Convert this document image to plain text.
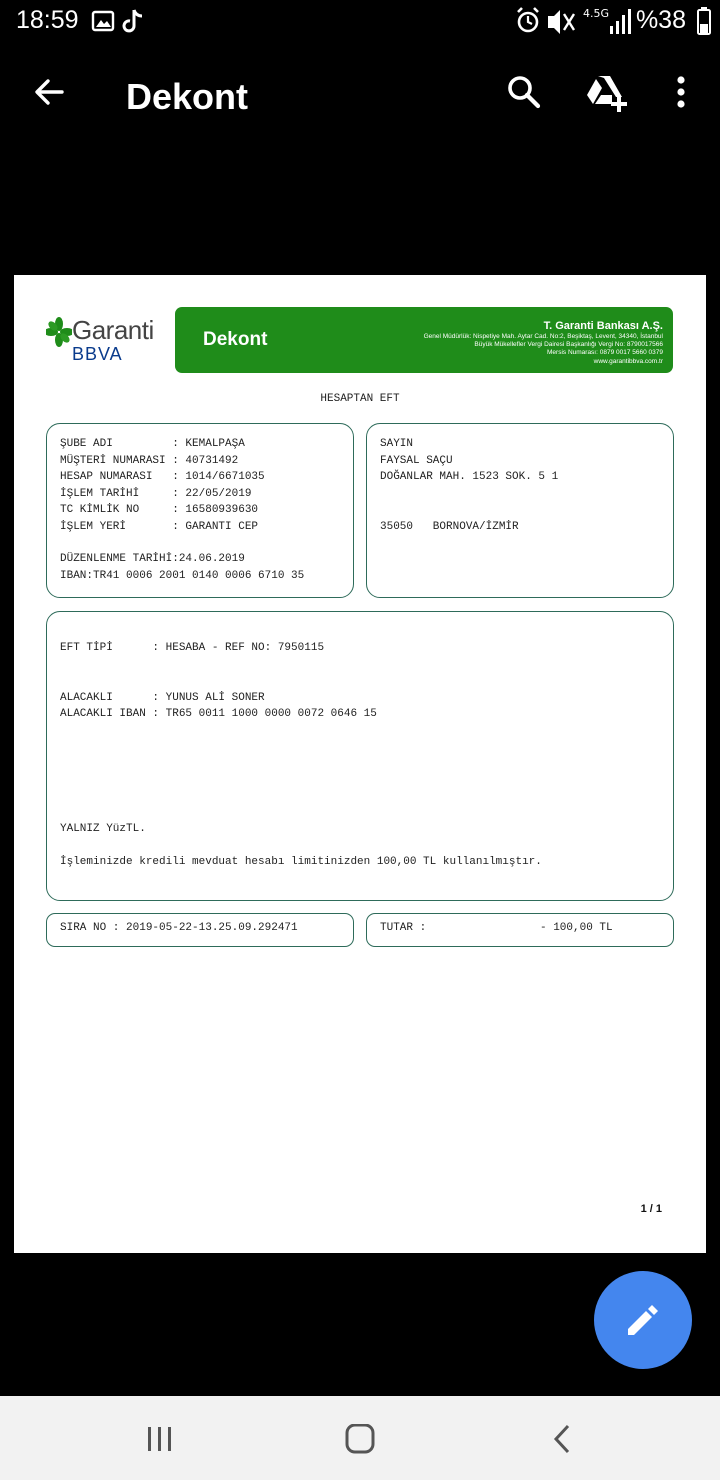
18:59	4.5G %38
Dekont
Garanti
BBVA
Dekont
T. Garanti Bankası A.Ş.
Genel Müdürlük: Nispetiye Mah. Aytar Cad. No:2, Beşiktaş, Levent, 34340, İstanbul
Büyük Mükellefler Vergi Dairesi Başkanlığı Vergi No: 8790017566
Mersis Numarası: 0879 0017 5660 0379
www.garantibbva.com.tr
HESAPTAN EFT
ŞUBE ADI         : KEMALPAŞA
MÜŞTERİ NUMARASI : 40731492
HESAP NUMARASI   : 1014/6671035
İŞLEM TARİHİ     : 22/05/2019
TC KİMLİK NO     : 16580939630
İŞLEM YERİ       : GARANTI CEP
DÜZENLENME TARİHİ:24.06.2019
IBAN:TR41 0006 2001 0140 0006 6710 35
SAYIN
FAYSAL SAÇU
DOĞANLAR MAH. 1523 SOK. 5 1
35050   BORNOVA/İZMİR
EFT TİPİ      : HESABA - REF NO: 7950115
ALACAKLI      : YUNUS ALİ SONER
ALACAKLI IBAN : TR65 0011 1000 0000 0072 0646 15
YALNIZ YüzTL.
İşleminizde kredili mevduat hesabı limitinizden 100,00 TL kullanılmıştır.
SIRA NO : 2019-05-22-13.25.09.292471	TUTAR :	- 100,00 TL
1 / 1
